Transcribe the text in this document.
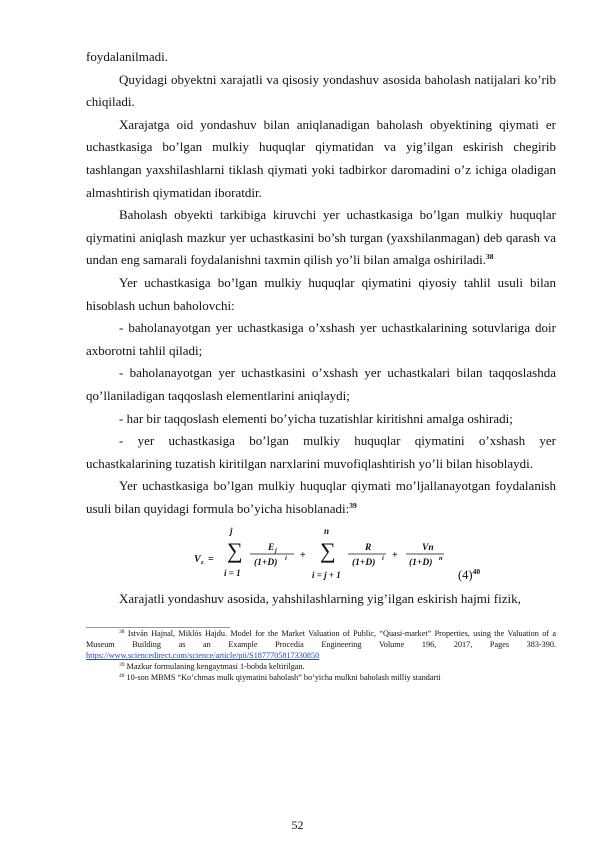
foydalanilmadi.

Quyidagi obyektni xarajatli va qisosiy yondashuv asosida baholash natijalari ko’rib chiqiladi.

Xarajatga oid yondashuv bilan aniqlanadigan baholash obyektining qiymati er uchastkasiga bo’lgan mulkiy huquqlar qiymatidan va yig’ilgan eskirish chegirib tashlangan yaxshilashlarni tiklash qiymati yoki tadbirkor daromadini o’z ichiga oladigan almashtirish qiymatidan iboratdir.

Baholash obyekti tarkibiga kiruvchi yer uchastkasiga bo’lgan mulkiy huquqlar qiymatini aniqlash mazkur yer uchastkasini bo’sh turgan (yaxshilanmagan) deb qarash va undan eng samarali foydalanishni taxmin qilish yo’li bilan amalga oshiriladi.$^{38}$

Yer uchastkasiga bo’lgan mulkiy huquqlar qiymatini qiyosiy tahlil usuli bilan hisoblash uchun baholovchi:

- baholanayotgan yer uchastkasiga o’xshash yer uchastkalarining sotuvlariga doir axborotni tahlil qiladi;

- baholanayotgan yer uchastkasini o’xshash yer uchastkalari bilan taqqoslashda qo’llaniladigan taqqoslash elementlarini aniqlaydi;

- har bir taqqoslash elementi bo’yicha tuzatishlar kiritishni amalga oshiradi;

- yer uchastkasiga bo’lgan mulkiy huquqlar qiymatini o’xshash yer uchastkalarining tuzatish kiritilgan narxlarini muvofiqlashtirish yo’li bilan hisoblaydi.

Yer uchastkasiga bo’lgan mulkiy huquqlar qiymati mo’ljallanayotgan foydalanish usuli bilan quyidagi formula bo’yicha hisoblanadi:$^{39}$

V z =
j
∑
i = 1
E j
(1+D) i +
n
∑
i = j + 1
R
(1+D) i +
Vn
(1+D) n
$(4)^{40}$

Xarajatli yondashuv asosida, yahshilashlarning yig’ilgan eskirish hajmi fizik,

$^{38}$ István Hajnal, Miklós Hajdu. Model for the Market Valuation of Public, “Quasi-market” Properties, using the Valuation of a Museum Building as an Example Procedia Engineering Volume 196, 2017, Pages 383-390. https://www.sciencedirect.com/science/article/pii/S1877705817330850

$^{39}$ Mazkur formulaning kengaytmasi 1-bobda keltirilgan.

$^{40}$ 10-son MBMS “Ko’chmas mulk qiymatini baholash” bo’yicha mulkni baholash milliy standarti

52
